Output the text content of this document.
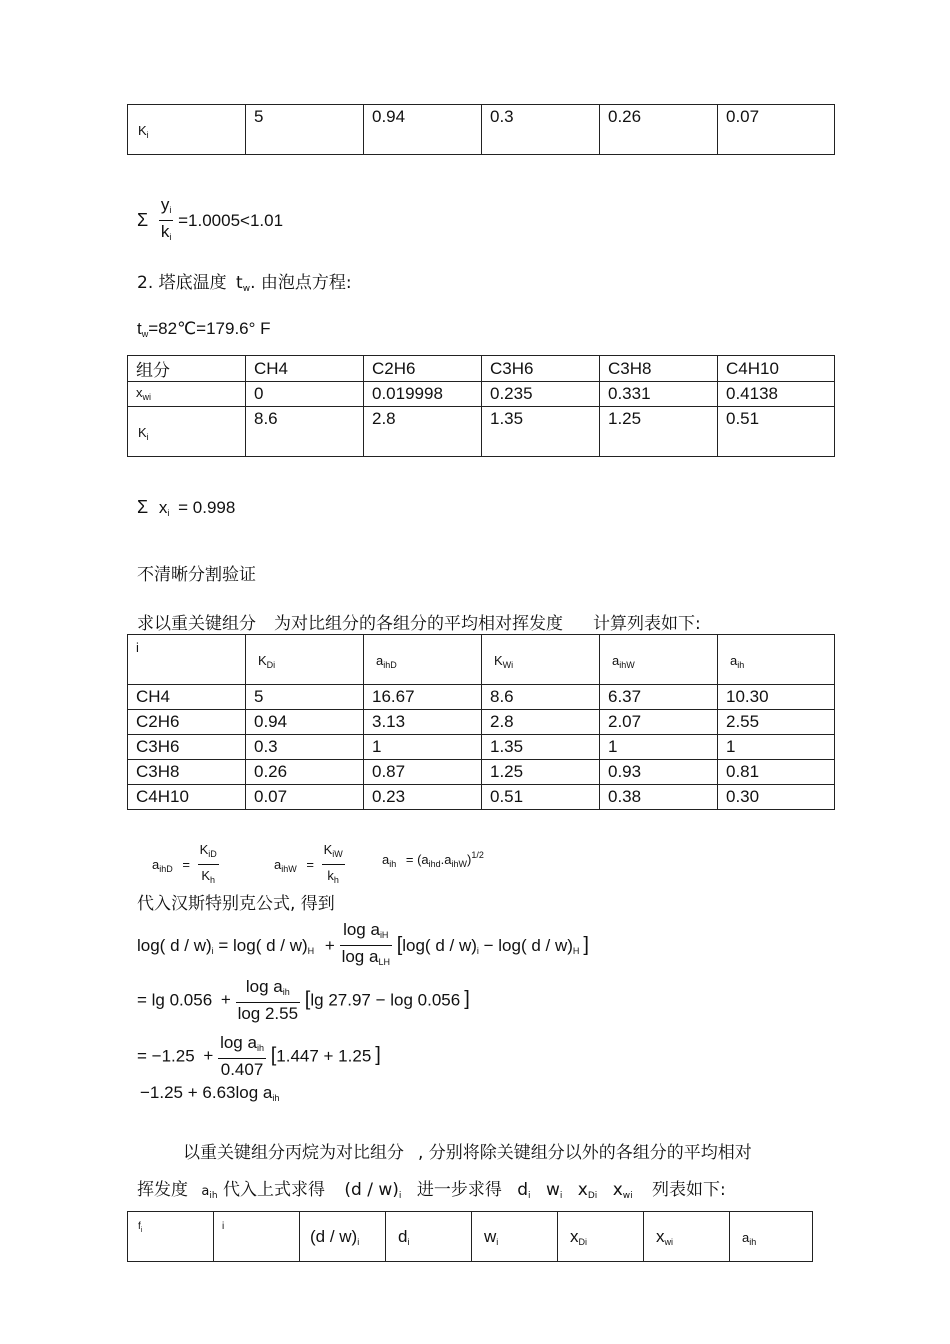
$K_i$	5	0.94	0.3	0.26	0.07
Σ $\frac{y_i}{k_i} =1.0005<1.01$
2. 塔底温度 $t_w$. 由泡点方程:
$t_w=82℃=179.6^\circ$ F
组分	CH4	C2H6	C3H6	C3H8	C4H10
$x_{wi}$	0	0.019998	0.235	0.331	0.4138
$K_i$	8.6	2.8	1.35	1.25	0.51
Σ $x_i = 0.998$
不清晰分割验证
求以重关键组分 为对比组分的各组分的平均相对挥发度 计算列表如下:
i	$K_{Di}$	$a_{ihD}$	$K_{Wi}$	$a_{ihW}$	$a_{ih}$
CH4	5	16.67	8.6	6.37	10.30
C2H6	0.94	3.13	2.8	2.07	2.55
C3H6	0.3	1	1.35	1	1
C3H8	0.26	0.87	1.25	0.93	0.81
C4H10	0.07	0.23	0.51	0.38	0.30
$a_{ihD} = \frac{K_{iD}}{K_h}$	$a_{ihW} = \frac{K_{iW}}{k_h}$	$a_{ih} = (a_{ihd}.a_{ihW})^{1/2}$
代入汉斯特别克公式, 得到
log( $d / w)_i = \log$( $d / w)_H + \frac{\log a_{iH}}{\log a_{LH}} [\log$( $d / w)_i - \log$( d / $w)_H$ ]
= $\lg 0.056 + \frac{\log a_{ih}}{\log 2.55} [\lg$ 27.97 − log 0.056 ]
= $-1.25 + \frac{\log a_{ih}}{0.407} [1.447 + 1.25$ ]
−1.25 + 6.63log $a_{ih}$
以重关键组分丙烷为对比组分 , 分别将除关键组分以外的各组分的平均相对
挥发度 $a_{ih}$ 代入上式求得 $(d / w)_i$ 进一步求得 $d_i$ $w_i$ $x_{Di}$ $x_{wi}$ 列表如下:
$f_i$	i	$(d / w)_i$	$d_i$	$w_i$	$x_{Di}$	$x_{wi}$	$a_{ih}$
